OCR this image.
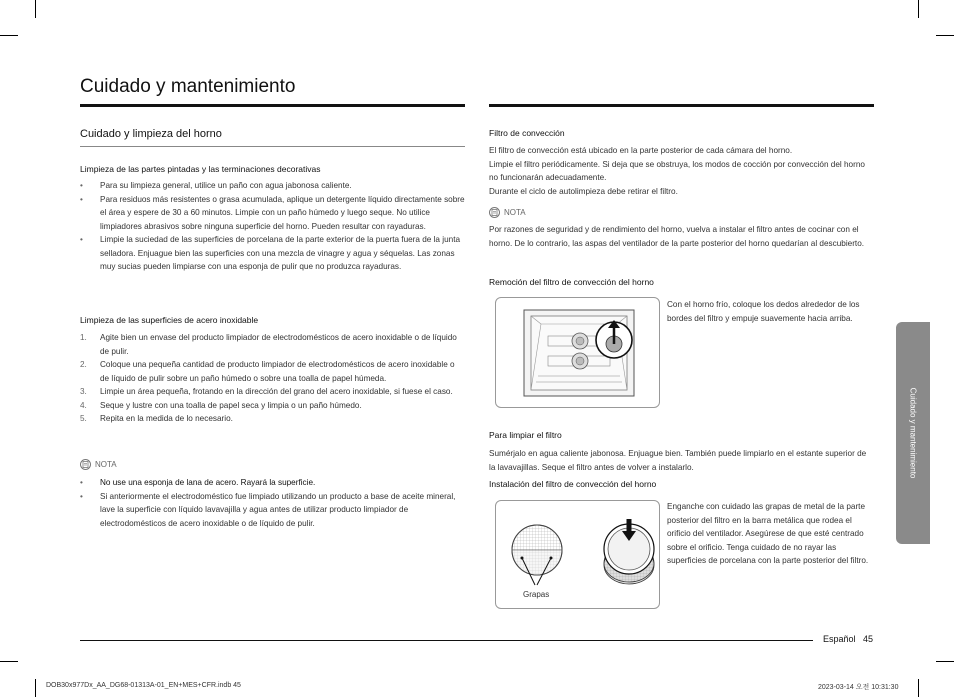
Cuidado y mantenimiento
Cuidado y limpieza del horno
Limpieza de las partes pintadas y las terminaciones decorativas
• Para su limpieza general, utilice un paño con agua jabonosa caliente.
• Para residuos más resistentes o grasa acumulada, aplique un detergente líquido directamente sobre el área y espere de 30 a 60 minutos. Limpie con un paño húmedo y luego seque. No utilice limpiadores abrasivos sobre ninguna superficie del horno. Pueden resultar con rayaduras.
• Limpie la suciedad de las superficies de porcelana de la parte exterior de la puerta fuera de la junta selladora. Enjuague bien las superficies con una mezcla de vinagre y agua y séquelas. Las zonas muy sucias pueden limpiarse con una esponja de pulir que no produzca rayaduras.
Limpieza de las superficies de acero inoxidable
1. Agite bien un envase del producto limpiador de electrodomésticos de acero inoxidable o de líquido de pulir.
2. Coloque una pequeña cantidad de producto limpiador de electrodomésticos de acero inoxidable o de líquido de pulir sobre un paño húmedo o sobre una toalla de papel húmeda.
3. Limpie un área pequeña, frotando en la dirección del grano del acero inoxidable, si fuese el caso.
4. Seque y lustre con una toalla de papel seca y limpia o un paño húmedo.
5. Repita en la medida de lo necesario.
NOTA
• No use una esponja de lana de acero. Rayará la superficie.
• Si anteriormente el electrodoméstico fue limpiado utilizando un producto a base de aceite mineral, lave la superficie con líquido lavavajilla y agua antes de utilizar producto limpiador de electrodomésticos de acero inoxidable o de líquido de pulir.
Filtro de convección
El filtro de convección está ubicado en la parte posterior de cada cámara del horno.
Limpie el filtro periódicamente. Si deja que se obstruya, los modos de cocción por convección del horno no funcionarán adecuadamente.
Durante el ciclo de autolimpieza debe retirar el filtro.
NOTA
Por razones de seguridad y de rendimiento del horno, vuelva a instalar el filtro antes de cocinar con el horno. De lo contrario, las aspas del ventilador de la parte posterior del horno quedarían al descubierto.
Remoción del filtro de convección del horno
Con el horno frío, coloque los dedos alrededor de los bordes del filtro y empuje suavemente hacia arriba.
Para limpiar el filtro
Sumérjalo en agua caliente jabonosa. Enjuague bien. También puede limpiarlo en el estante superior de la lavavajillas. Seque el filtro antes de volver a instalarlo.
Instalación del filtro de convección del horno
Grapas
Enganche con cuidado las grapas de metal de la parte posterior del filtro en la barra metálica que rodea el orificio del ventilador. Asegúrese de que esté centrado sobre el orificio. Tenga cuidado de no rayar las superficies de porcelana con la parte posterior del filtro.
Cuidado y mantenimiento
Español 45
DOB30x977Dx_AA_DG68-01313A-01_EN+MES+CFR.indb 45	2023-03-14 오전 10:31:30
